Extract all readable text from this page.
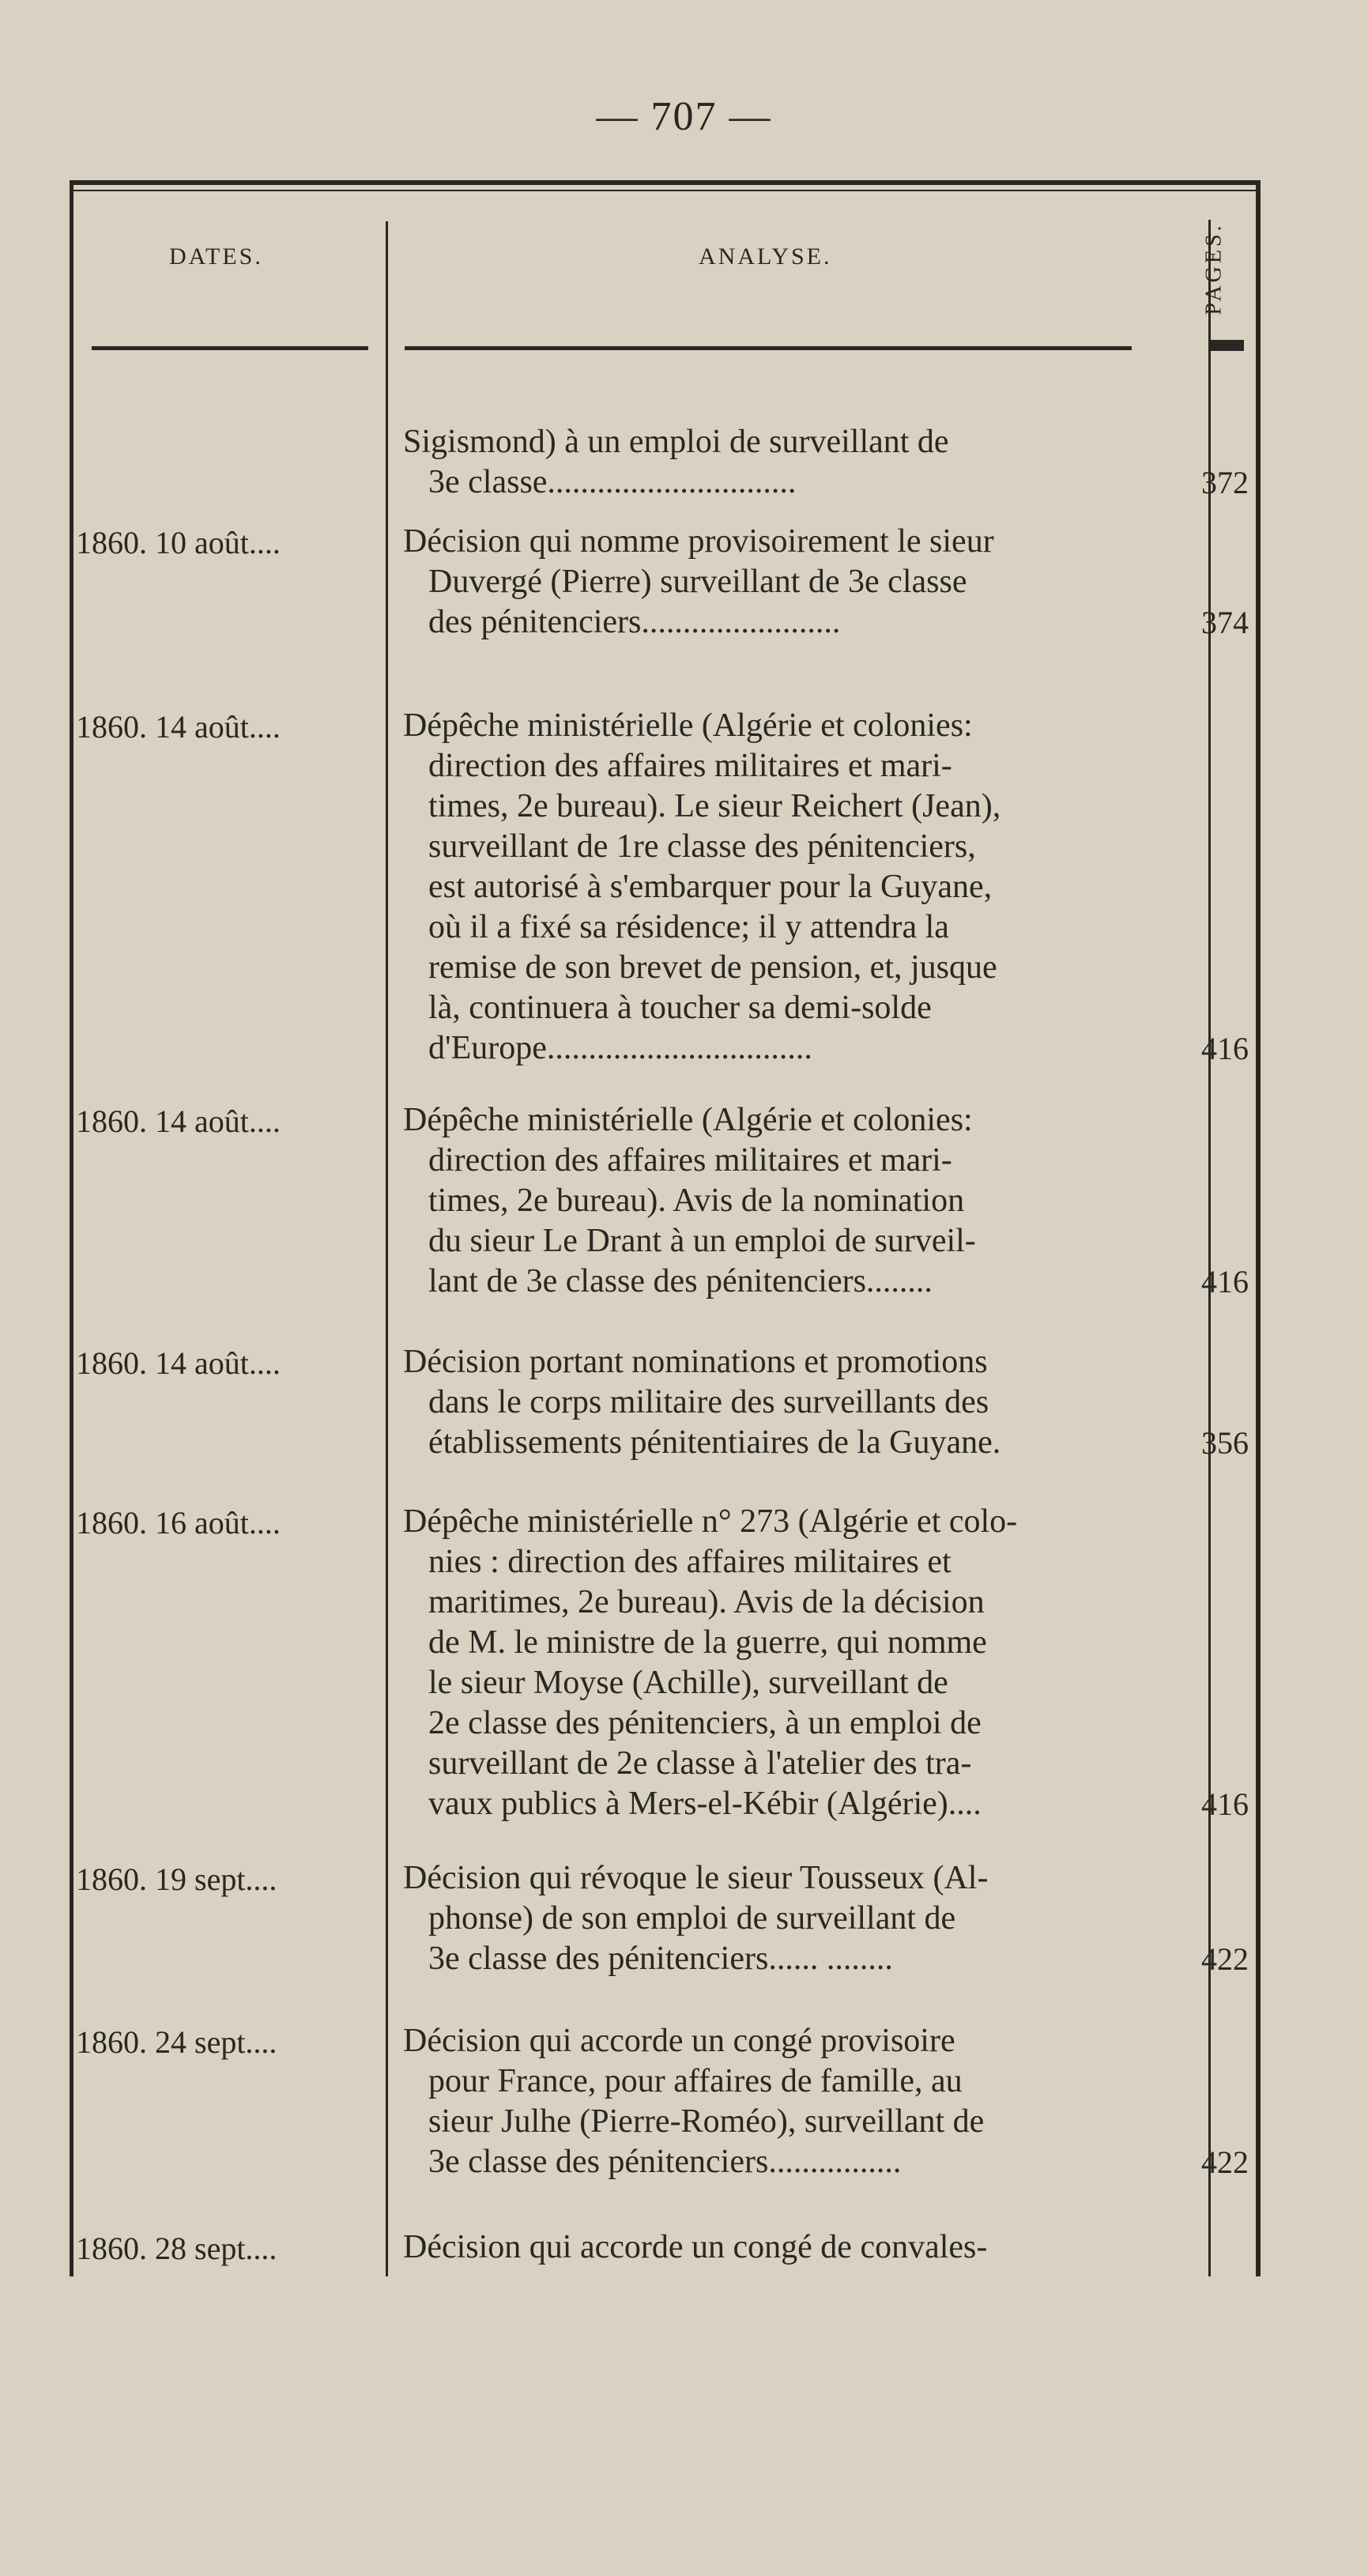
— 707 —
DATES.	ANALYSE.	PAGES.
Sigismond) à un emploi de surveillant de
3e classe..............................	372
1860. 10 août....	Décision qui nomme provisoirement le sieur
Duvergé (Pierre) surveillant de 3e classe
des pénitenciers........................	374
1860. 14 août....	Dépêche ministérielle (Algérie et colonies:
direction des affaires militaires et mari-
times, 2e bureau). Le sieur Reichert (Jean),
surveillant de 1re classe des pénitenciers,
est autorisé à s'embarquer pour la Guyane,
où il a fixé sa résidence; il y attendra la
remise de son brevet de pension, et, jusque
là, continuera à toucher sa demi-solde
d'Europe................................	416
1860. 14 août....	Dépêche ministérielle (Algérie et colonies:
direction des affaires militaires et mari-
times, 2e bureau). Avis de la nomination
du sieur Le Drant à un emploi de surveil-
lant de 3e classe des pénitenciers........	416
1860. 14 août....	Décision portant nominations et promotions
dans le corps militaire des surveillants des
établissements pénitentiaires de la Guyane.	356
1860. 16 août....	Dépêche ministérielle n° 273 (Algérie et colo-
nies : direction des affaires militaires et
maritimes, 2e bureau). Avis de la décision
de M. le ministre de la guerre, qui nomme
le sieur Moyse (Achille), surveillant de
2e classe des pénitenciers, à un emploi de
surveillant de 2e classe à l'atelier des tra-
vaux publics à Mers-el-Kébir (Algérie)....	416
1860. 19 sept....	Décision qui révoque le sieur Tousseux (Al-
phonse) de son emploi de surveillant de
3e classe des pénitenciers...... ........	422
1860. 24 sept....	Décision qui accorde un congé provisoire
pour France, pour affaires de famille, au
sieur Julhe (Pierre-Roméo), surveillant de
3e classe des pénitenciers................	422
1860. 28 sept....	Décision qui accorde un congé de convales-
